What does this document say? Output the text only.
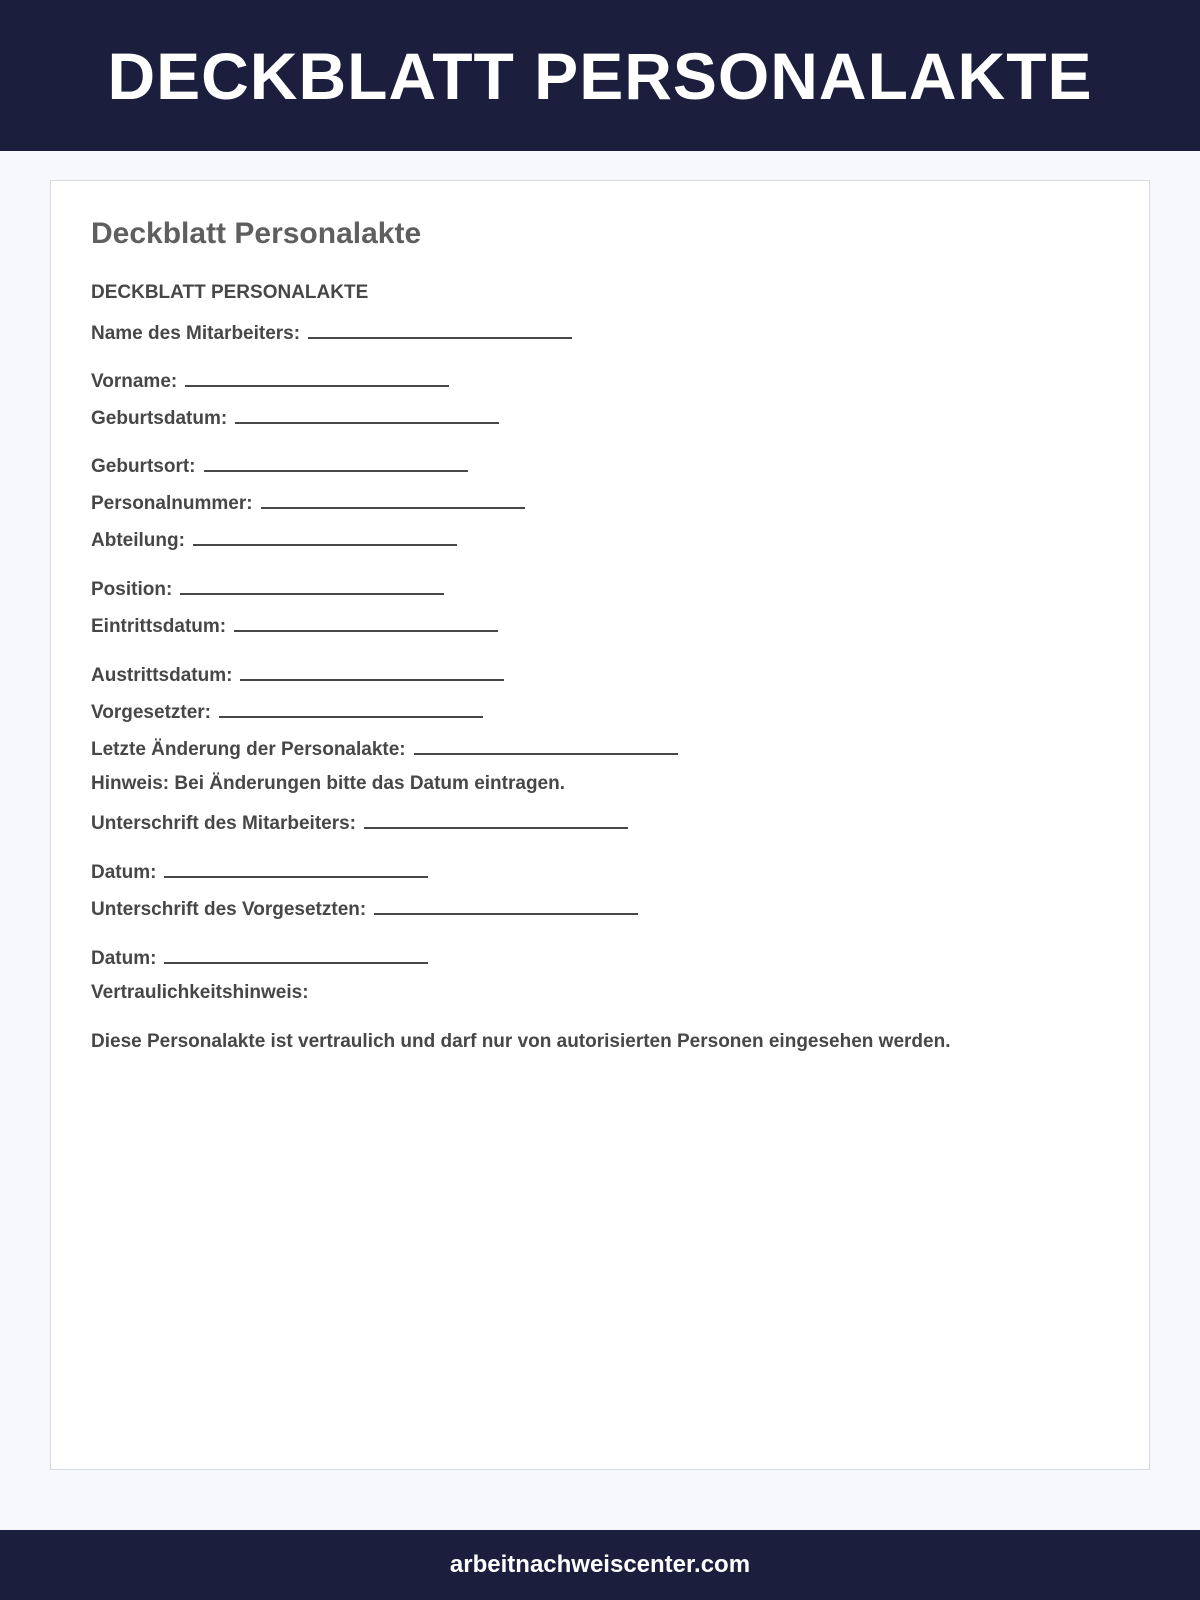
DECKBLATT PERSONALAKTE
Deckblatt Personalakte

DECKBLATT PERSONALAKTE

Name des Mitarbeiters:

Vorname:

Geburtsdatum:

Geburtsort:

Personalnummer:

Abteilung:

Position:

Eintrittsdatum:

Austrittsdatum:

Vorgesetzter:

Letzte Änderung der Personalakte:

Hinweis: Bei Änderungen bitte das Datum eintragen.

Unterschrift des Mitarbeiters:

Datum:

Unterschrift des Vorgesetzten:

Datum:

Vertraulichkeitshinweis:

Diese Personalakte ist vertraulich und darf nur von autorisierten Personen eingesehen werden.

arbeitnachweiscenter.com
